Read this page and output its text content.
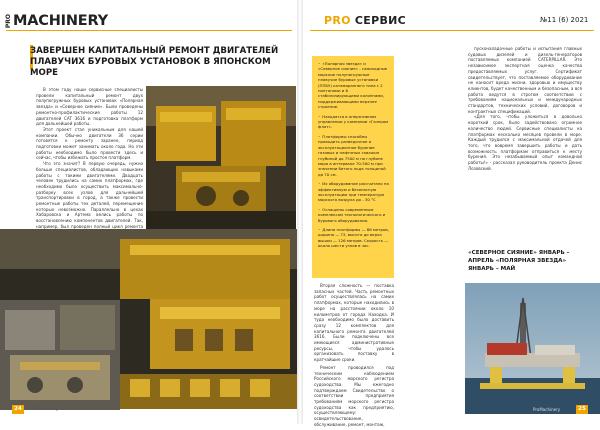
PRO MACHINERY
ЗАВЕРШЕН КАПИТАЛЬНЫЙ РЕМОНТ ДВИГАТЕЛЕЙ ПЛАВУЧИХ БУРОВЫХ УСТАНОВОК В ЯПОНСКОМ МОРЕ

В этом году наши сервисные специалисты провели капитальный ремонт двух полупогружных буровых установок «Полярная звезда» и «Северное сияние». Были проведены ремонтно-профилактические работы 12 двигателей CAT 3616 и подготовка платформ для дальнейшей работы.

Этот проект стал уникальным для нашей компании. Обычно двигатели 36 серии готовятся к ремонту заранее, период подготовки может занимать около года. Но эти работы необходимо было провести здесь и сейчас, чтобы избежать простоя платформ.

Что это значит? В первую очередь, нужно больше специалистов, обладающих навыками работы с такими двигателями. Двадцать человек трудились на самих платформах, где необходимо было осуществить максимально-разборку всех узлов для дальнейшей транспортировки в город, а также провести ремонтные работы тех деталей, перемещение которых невозможно. Параллельно в цехах Хабаровска и Артема велись работы по восстановлению компонентов двигателей. Так, например, был проведен полный цикл ремонта

24	ProMachinery
PRO СЕРВИС	№11 (6) 2021

• «Полярная звезда» и «Северное сияние» - самоходные морские полупогружные плавучие буровые установки (ППБУ) катамаранного типа с 2 понтонами и 6 стабилизирующими колоннами, поддерживающими верхнее строение.

• Находятся в оперативном управлении у компании «Газпром флот».

• Платформы способны проводить разведочное и эксплуатационное бурение газовых и нефтяных скважин глубиной до 7500 м на глубине моря в интервале 70-500 м при значении битого льда толщиной до 70 см.

• Их оборудование рассчитано на эффективную и безопасную эксплуатацию при температуре морского воздуха до - 30 °C

• Оснащены современным комплексом технологического и бурового оборудования.

• Длина платформы — 86 метров, ширина — 73, высота до верха вышки — 126 метров. Скорость — около шести узлов в час.

Вторая сложность — поставка запасных частей. Часть ремонтных работ осуществлялась на самих платформах, которые находились в море на расстоянии около 10 километров от города Находка. И туда необходимо было доставить сразу 12 комплектов для капитального ремонта двигателей 3616. Были подключены все имеющиеся административные ресурсы, чтобы удалось организовать поставку в кратчайшие сроки.

Ремонт проводился под техническим наблюдением Российского морского регистра судоходства. Мы ежегодно подтверждаем Свидетельство о соответствии предприятия требованиям морского регистра судоходства как предприятию, осуществляющему: освидетельствование, обслуживание, ремонт, монтаж,

пусконаладочные работы и испытания главных судовых дизелей и дизель-генераторов поставляемых компанией CATERPILLAR. Это независимое экспертная оценка качества предоставляемых услуг. Сертификат свидетельствует, что поставляемое оборудование не наносит вреда жизни, здоровью и имуществу клиентов, будет качественным и безопасным, а вся работа ведутся в строгом соответствии с требованиям национальных и международных стандартов, технических условий, договоров и контрактных спецификаций.

«Для того, чтобы уложиться в довольно короткий срок, было задействовано огромное количество людей. Сервисные специалисты на платформах несколько месяцев провели в море. Каждый трудился с максимальной отдачей для того, что вовремя завершить работы и дать возможность платформам отправиться к месту бурения. Это незабываемый опыт командной работы!» - рассказал руководитель проекта Денис Лозовский.

«СЕВЕРНОЕ СИЯНИЕ» ЯНВАРЬ – АПРЕЛЬ «ПОЛЯРНАЯ ЗВЕЗДА» ЯНВАРЬ – МАЙ
ProMachinery	25
